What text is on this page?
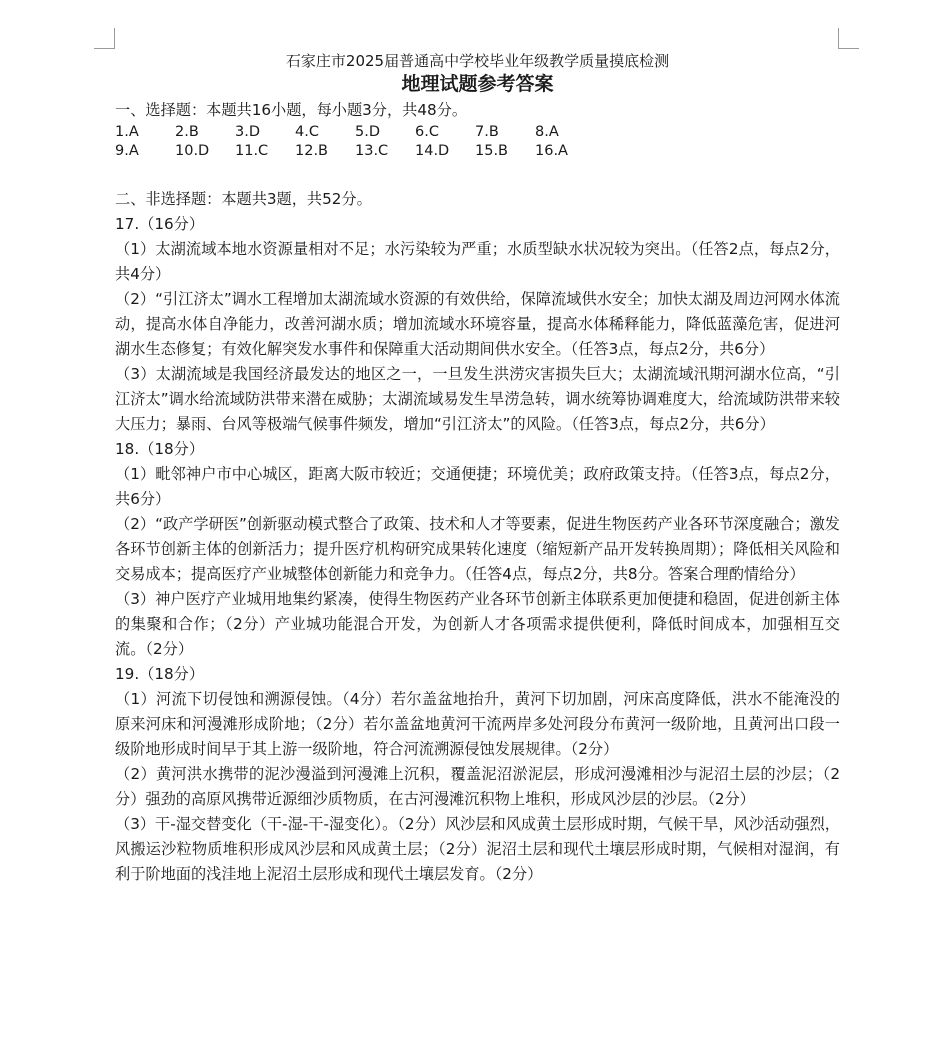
石家庄市2025届普通高中学校毕业年级教学质量摸底检测

地理试题参考答案

一、选择题：本题共16小题，每小题3分，共48分。

1.A	2.B	3.D	4.C	5.D	6.C	7.B	8.A
9.A	10.D	11.C	12.B	13.C	14.D	15.B	16.A

二、非选择题：本题共3题，共52分。

17.（16分）

（1）太湖流域本地水资源量相对不足；水污染较为严重；水质型缺水状况较为突出。（任答2点，每点2分，共4分）

（2）“引江济太”调水工程增加太湖流域水资源的有效供给，保障流域供水安全；加快太湖及周边河网水体流动，提高水体自净能力，改善河湖水质；增加流域水环境容量，提高水体稀释能力，降低蓝藻危害，促进河湖水生态修复；有效化解突发水事件和保障重大活动期间供水安全。（任答3点，每点2分，共6分）

（3）太湖流域是我国经济最发达的地区之一，一旦发生洪涝灾害损失巨大；太湖流域汛期河湖水位高，“引江济太”调水给流域防洪带来潜在威胁；太湖流域易发生旱涝急转，调水统筹协调难度大，给流域防洪带来较大压力；暴雨、台风等极端气候事件频发，增加“引江济太”的风险。（任答3点，每点2分，共6分）

18.（18分）

（1）毗邻神户市中心城区，距离大阪市较近；交通便捷；环境优美；政府政策支持。（任答3点，每点2分，共6分）

（2）“政产学研医”创新驱动模式整合了政策、技术和人才等要素，促进生物医药产业各环节深度融合；激发各环节创新主体的创新活力；提升医疗机构研究成果转化速度（缩短新产品开发转换周期）；降低相关风险和交易成本；提高医疗产业城整体创新能力和竞争力。（任答4点，每点2分，共8分。答案合理酌情给分）

（3）神户医疗产业城用地集约紧凑，使得生物医药产业各环节创新主体联系更加便捷和稳固，促进创新主体的集聚和合作；（2分）产业城功能混合开发，为创新人才各项需求提供便利，降低时间成本，加强相互交流。（2分）

19.（18分）

（1）河流下切侵蚀和溯源侵蚀。（4分）若尔盖盆地抬升，黄河下切加剧，河床高度降低，洪水不能淹没的原来河床和河漫滩形成阶地；（2分）若尔盖盆地黄河干流两岸多处河段分布黄河一级阶地，且黄河出口段一级阶地形成时间早于其上游一级阶地，符合河流溯源侵蚀发展规律。（2分）

（2）黄河洪水携带的泥沙漫溢到河漫滩上沉积，覆盖泥沼淤泥层，形成河漫滩相沙与泥沼土层的沙层；（2分）强劲的高原风携带近源细沙质物质，在古河漫滩沉积物上堆积，形成风沙层的沙层。（2分）

（3）干-湿交替变化（干-湿-干-湿变化）。（2分）风沙层和风成黄土层形成时期，气候干旱，风沙活动强烈，风搬运沙粒物质堆积形成风沙层和风成黄土层；（2分）泥沼土层和现代土壤层形成时期，气候相对湿润，有利于阶地面的浅洼地上泥沼土层形成和现代土壤层发育。（2分）
